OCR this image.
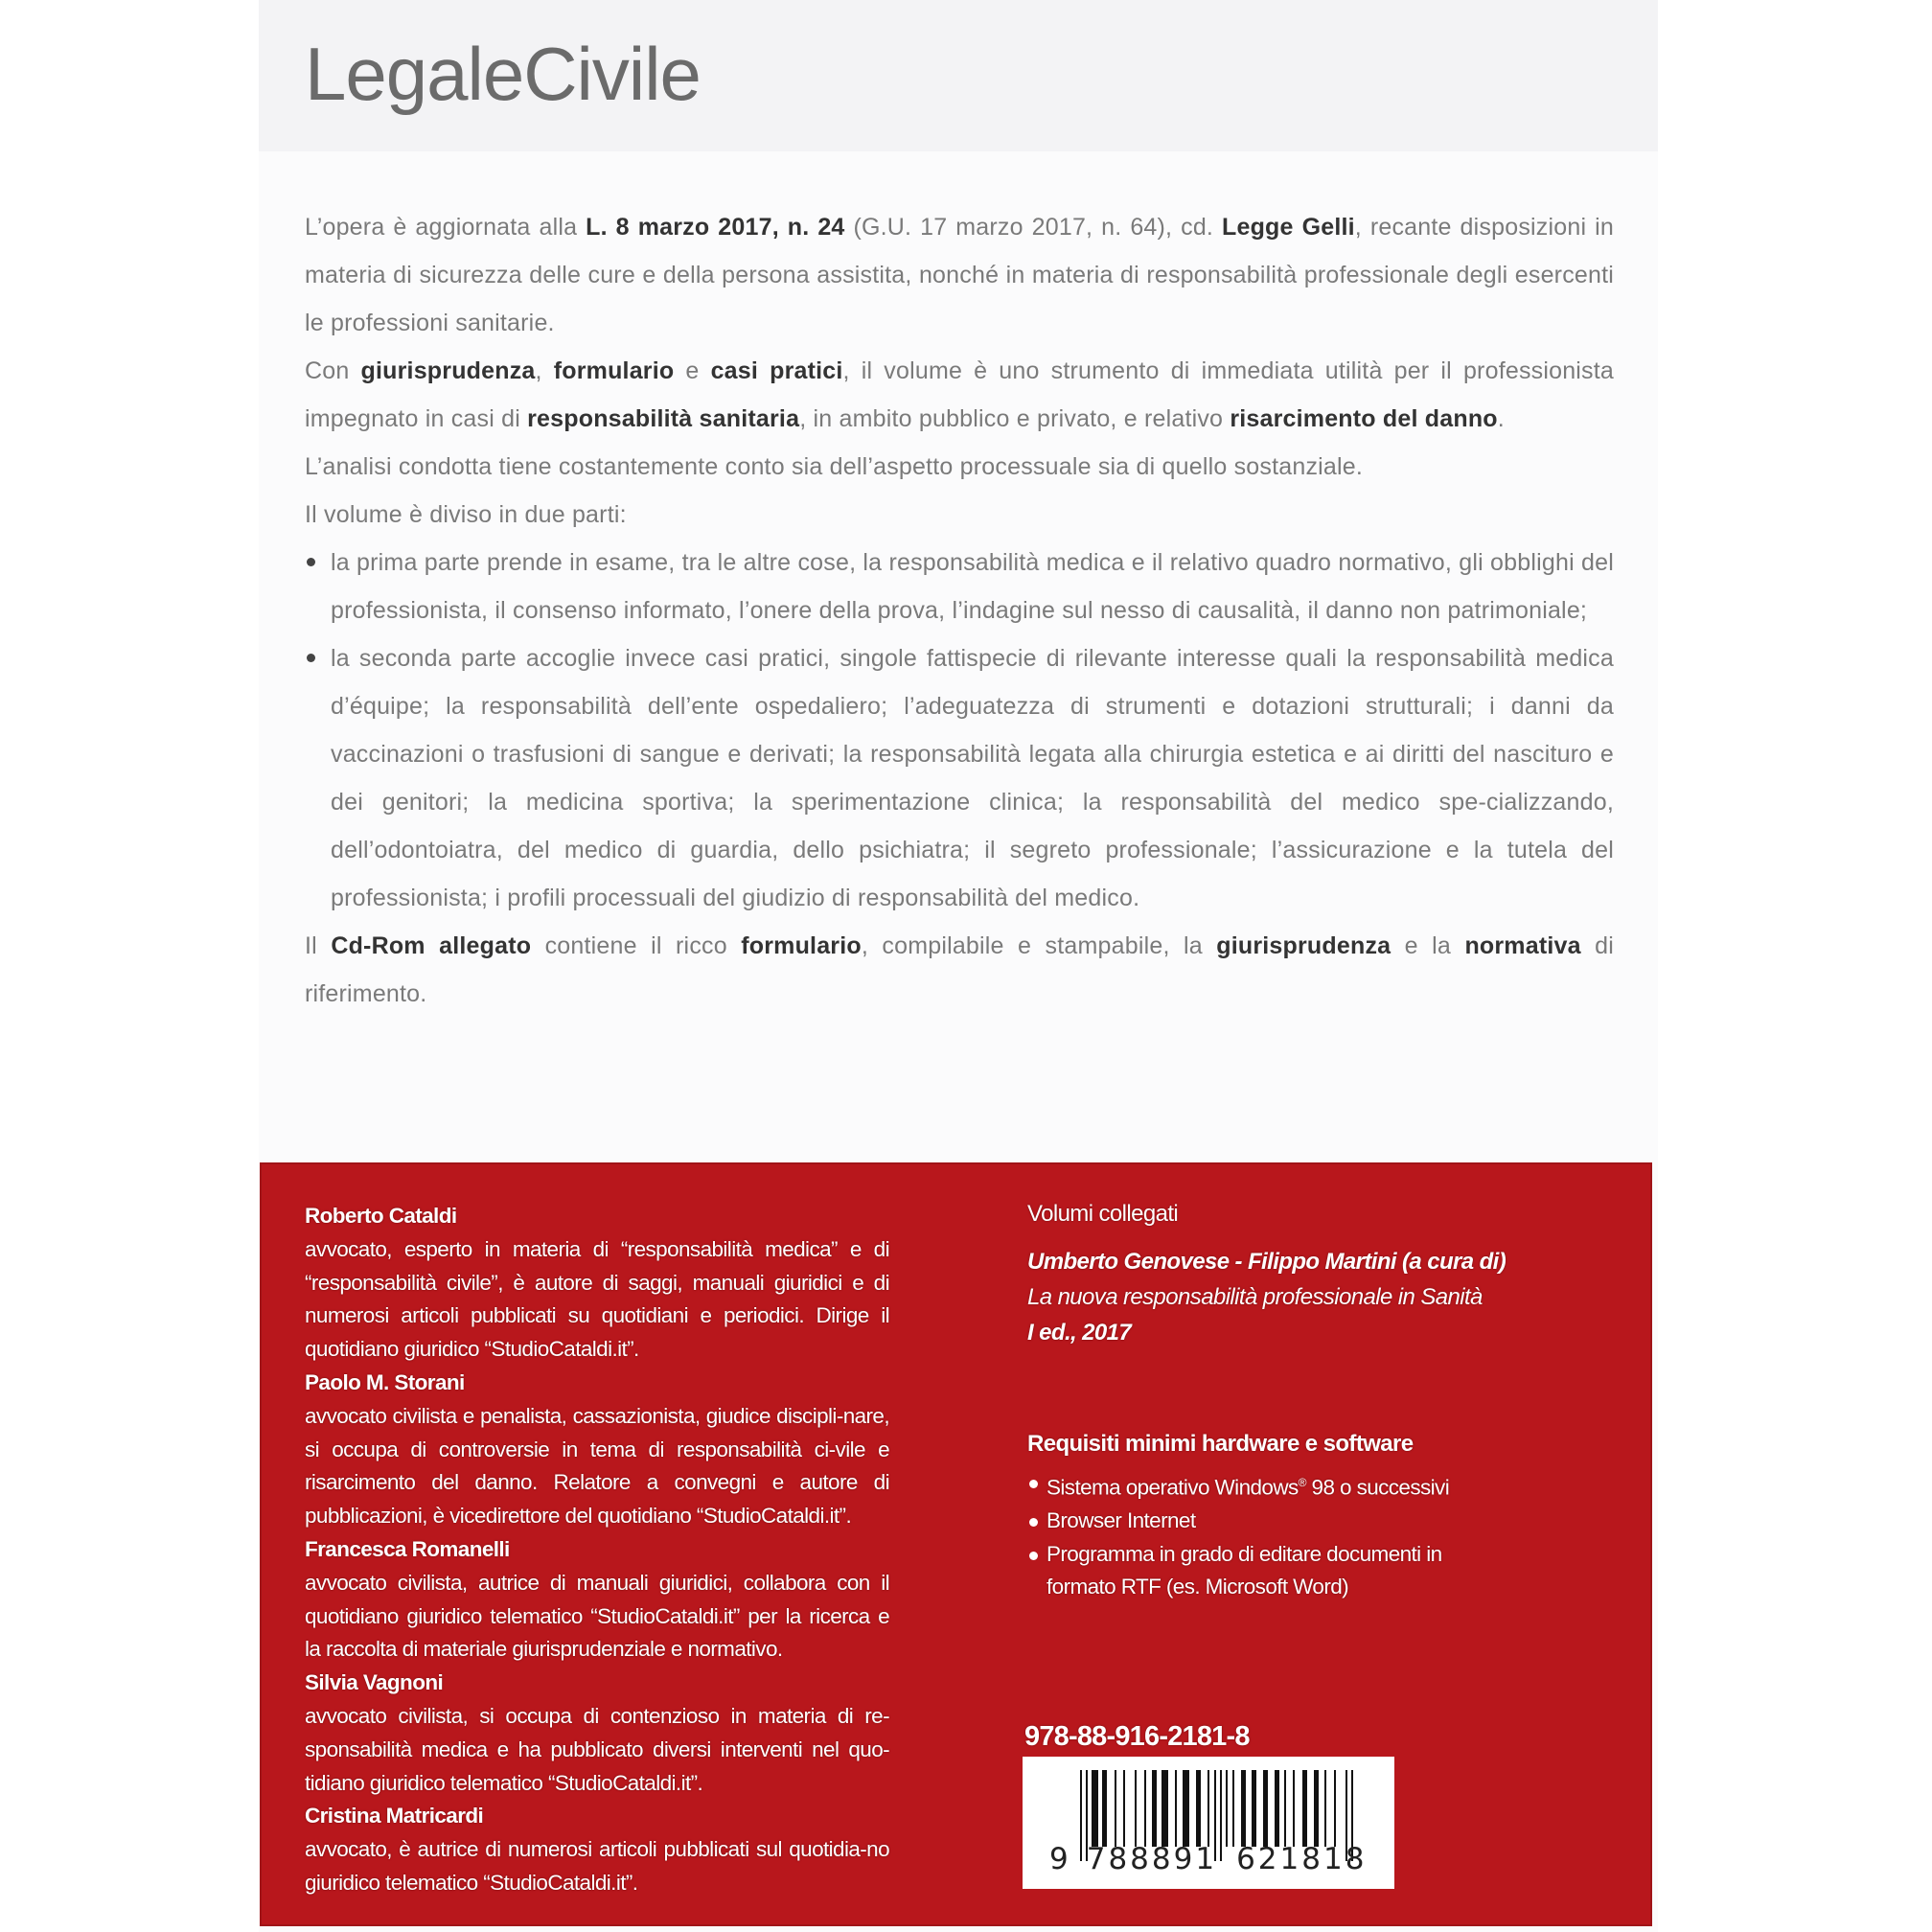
LegaleCivile

L’opera è aggiornata alla L. 8 marzo 2017, n. 24 (G.U. 17 marzo 2017, n. 64), cd. Legge Gelli, recante disposizioni in materia di sicurezza delle cure e della persona assistita, nonché in materia di responsabilità professionale degli esercenti le professioni sanitarie.

Con giurisprudenza, formulario e casi pratici, il volume è uno strumento di immediata utilità per il professionista impegnato in casi di responsabilità sanitaria, in ambito pubblico e privato, e relativo risarcimento del danno.

L’analisi condotta tiene costantemente conto sia dell’aspetto processuale sia di quello sostanziale.

Il volume è diviso in due parti:

la prima parte prende in esame, tra le altre cose, la responsabilità medica e il relativo quadro normativo, gli obblighi del professionista, il consenso informato, l’onere della prova, l’indagine sul nesso di causalità, il danno non patrimoniale;
la seconda parte accoglie invece casi pratici, singole fattispecie di rilevante interesse quali la responsabilità medica d’équipe; la responsabilità dell’ente ospedaliero; l’adeguatezza di strumenti e dotazioni strutturali; i danni da vaccinazioni o trasfusioni di sangue e derivati; la responsabilità legata alla chirurgia estetica e ai diritti del nascituro e dei genitori; la medicina sportiva; la sperimentazione clinica; la responsabilità del medico spe-cializzando, dell’odontoiatra, del medico di guardia, dello psichiatra; il segreto professionale; l’assicurazione e la tutela del professionista; i profili processuali del giudizio di responsabilità del medico.

Il Cd-Rom allegato contiene il ricco formulario, compilabile e stampabile, la giurisprudenza e la normativa di riferimento.

Roberto Cataldi
avvocato, esperto in materia di “responsabilità medica” e di “responsabilità civile”, è autore di saggi, manuali giuridici e di numerosi articoli pubblicati su quotidiani e periodici. Dirige il quotidiano giuridico “StudioCataldi.it”.
Paolo M. Storani
avvocato civilista e penalista, cassazionista, giudice discipli-nare, si occupa di controversie in tema di responsabilità ci-vile e risarcimento del danno. Relatore a convegni e autore di pubblicazioni, è vicedirettore del quotidiano “StudioCataldi.it”.
Francesca Romanelli
avvocato civilista, autrice di manuali giuridici, collabora con il quotidiano giuridico telematico “StudioCataldi.it” per la ricerca e la raccolta di materiale giurisprudenziale e normativo.
Silvia Vagnoni
avvocato civilista, si occupa di contenzioso in materia di re-sponsabilità medica e ha pubblicato diversi interventi nel quo-tidiano giuridico telematico “StudioCataldi.it”.
Cristina Matricardi
avvocato, è autrice di numerosi articoli pubblicati sul quotidia-no giuridico telematico “StudioCataldi.it”.
Volumi collegati
Umberto Genovese - Filippo Martini (a cura di)
La nuova responsabilità professionale in Sanità
I ed., 2017
Requisiti minimi hardware e software
Sistema operativo Windows® 98 o successivi
Browser Internet
Programma in grado di editare documenti in formato RTF (es. Microsoft Word)
978-88-916-2181-8
9 788891 621818
